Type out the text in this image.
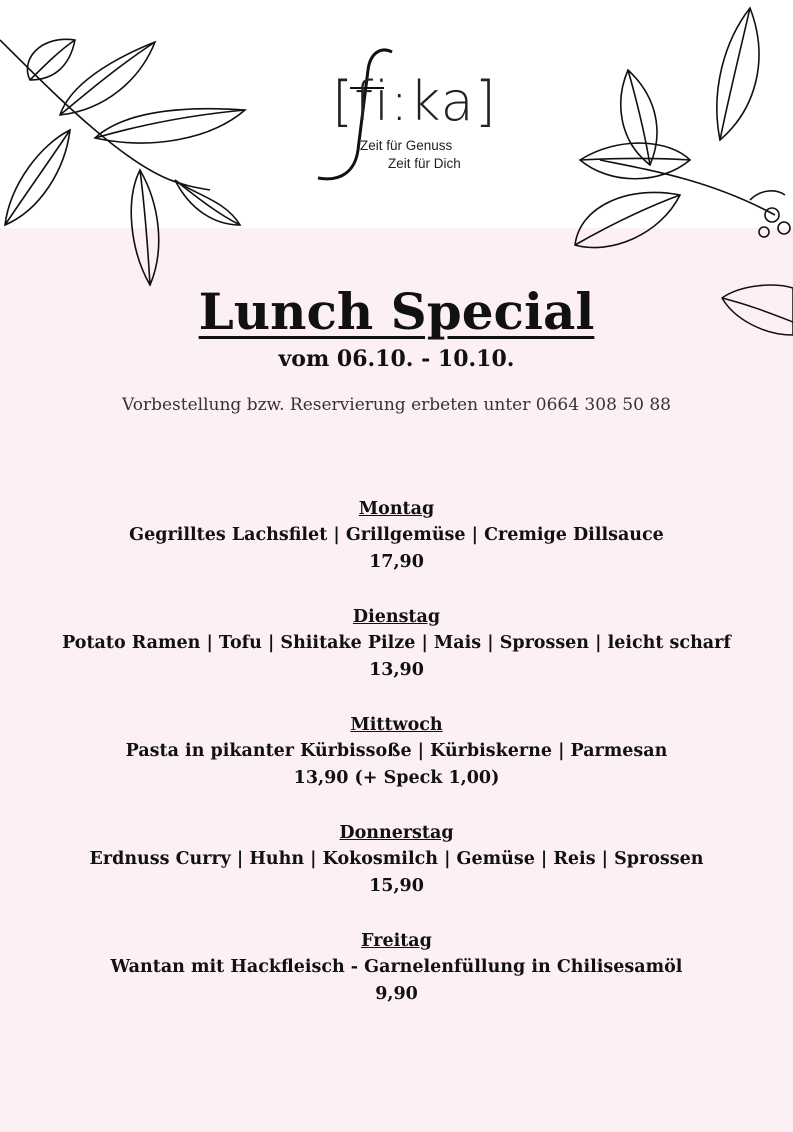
[fi:ka]
Zeit für Genuss
Zeit für Dich
Lunch Special
vom 06.10. - 10.10.
Vorbestellung bzw. Reservierung erbeten unter 0664 308 50 88
Montag
Gegrilltes Lachsfilet | Grillgemüse | Cremige Dillsauce
17,90
Dienstag
Potato Ramen | Tofu | Shiitake Pilze | Mais | Sprossen | leicht scharf
13,90
Mittwoch
Pasta in pikanter Kürbissoße | Kürbiskerne | Parmesan
13,90 (+ Speck 1,00)
Donnerstag
Erdnuss Curry | Huhn | Kokosmilch | Gemüse | Reis | Sprossen
15,90
Freitag
Wantan mit Hackfleisch - Garnelenfüllung in Chilisesamöl
9,90
